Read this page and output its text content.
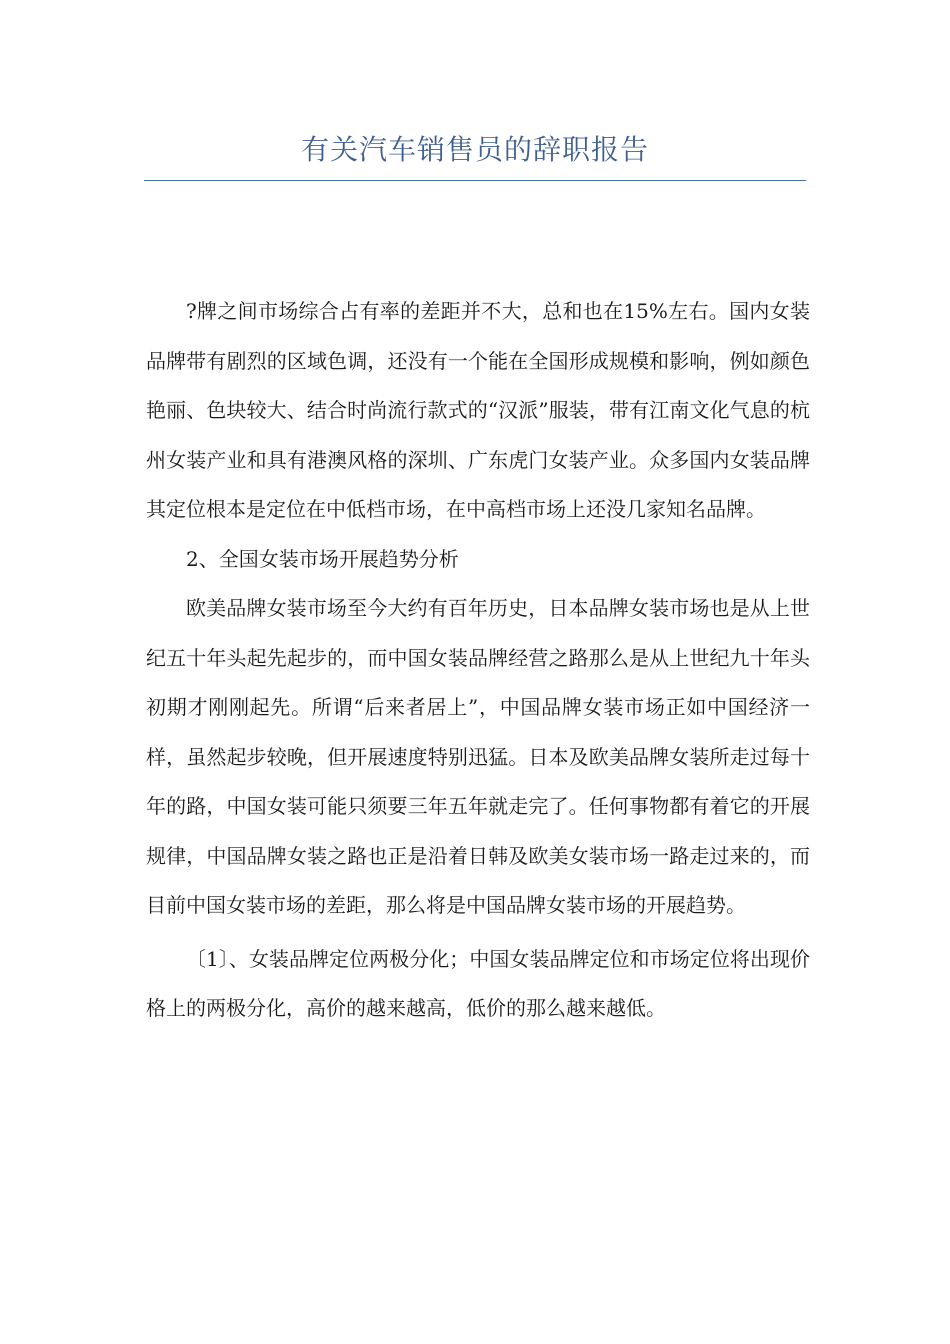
有关汽车销售员的辞职报告

?牌之间市场综合占有率的差距并不大，总和也在15%左右。国内女装品牌带有剧烈的区域色调，还没有一个能在全国形成规模和影响，例如颜色艳丽、色块较大、结合时尚流行款式的“汉派”服装，带有江南文化气息的杭州女装产业和具有港澳风格的深圳、广东虎门女装产业。众多国内女装品牌其定位根本是定位在中低档市场，在中高档市场上还没几家知名品牌。

2、全国女装市场开展趋势分析

欧美品牌女装市场至今大约有百年历史，日本品牌女装市场也是从上世纪五十年头起先起步的，而中国女装品牌经营之路那么是从上世纪九十年头初期才刚刚起先。所谓“后来者居上”，中国品牌女装市场正如中国经济一样，虽然起步较晚，但开展速度特别迅猛。日本及欧美品牌女装所走过每十年的路，中国女装可能只须要三年五年就走完了。任何事物都有着它的开展规律，中国品牌女装之路也正是沿着日韩及欧美女装市场一路走过来的，而目前中国女装市场的差距，那么将是中国品牌女装市场的开展趋势。

〔1〕、女装品牌定位两极分化；中国女装品牌定位和市场定位将出现价格上的两极分化，高价的越来越高，低价的那么越来越低。
